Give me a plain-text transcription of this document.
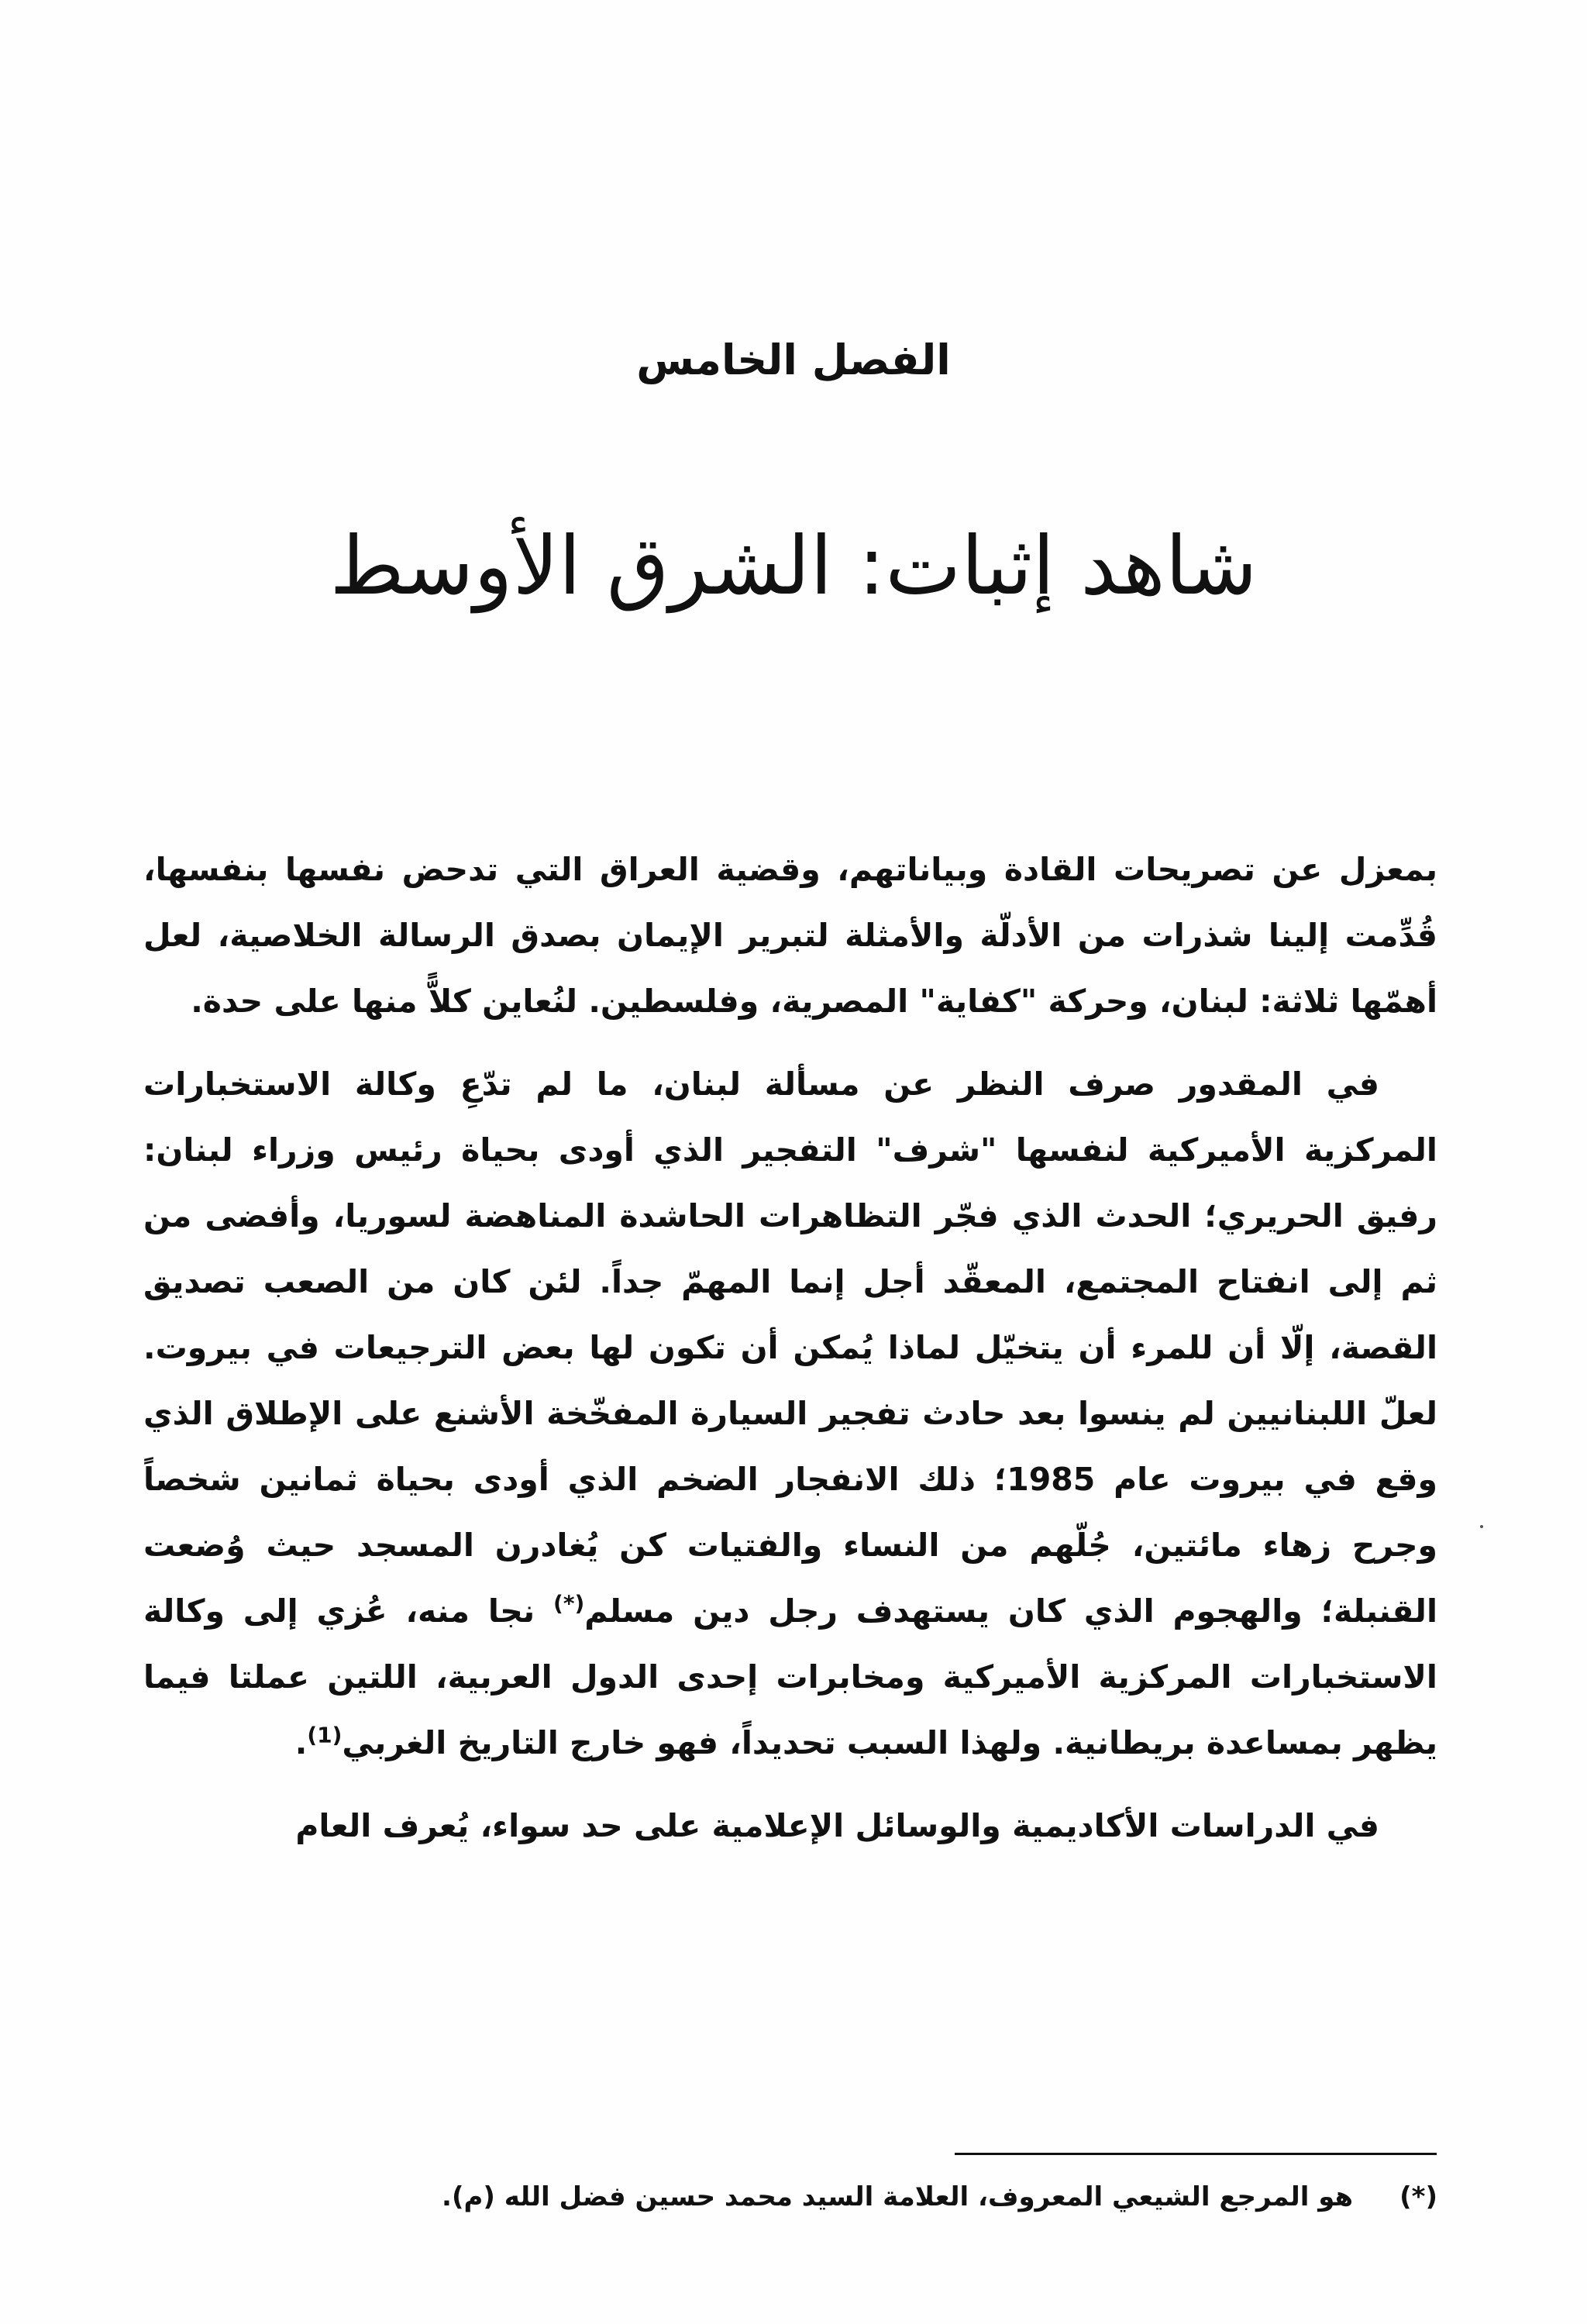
الفصل الخامس
شاهد إثبات: الشرق الأوسط

بمعزل عن تصريحات القادة وبياناتهم، وقضية العراق التي تدحض نفسها بنفسها، قُدِّمت إلينا شذرات من الأدلّة والأمثلة لتبرير الإيمان بصدق الرسالة الخلاصية، لعل أهمّها ثلاثة: لبنان، وحركة "كفاية" المصرية، وفلسطين. لنُعاين كلاًّ منها على حدة.

في المقدور صرف النظر عن مسألة لبنان، ما لم تدّعِ وكالة الاستخبارات المركزية الأميركية لنفسها "شرف" التفجير الذي أودى بحياة رئيس وزراء لبنان: رفيق الحريري؛ الحدث الذي فجّر التظاهرات الحاشدة المناهضة لسوريا، وأفضى من ثم إلى انفتاح المجتمع، المعقّد أجل إنما المهمّ جداً. لئن كان من الصعب تصديق القصة، إلّا أن للمرء أن يتخيّل لماذا يُمكن أن تكون لها بعض الترجيعات في بيروت. لعلّ اللبنانيين لم ينسوا بعد حادث تفجير السيارة المفخّخة الأشنع على الإطلاق الذي وقع في بيروت عام 1985؛ ذلك الانفجار الضخم الذي أودى بحياة ثمانين شخصاً وجرح زهاء مائتين، جُلّهم من النساء والفتيات كن يُغادرن المسجد حيث وُضعت القنبلة؛ والهجوم الذي كان يستهدف رجل دين مسلم(*) نجا منه، عُزي إلى وكالة الاستخبارات المركزية الأميركية ومخابرات إحدى الدول العربية، اللتين عملتا فيما يظهر بمساعدة بريطانية. ولهذا السبب تحديداً، فهو خارج التاريخ الغربي$^{(1)}$.

في الدراسات الأكاديمية والوسائل الإعلامية على حد سواء، يُعرف العام

(*)هو المرجع الشيعي المعروف، العلامة السيد محمد حسين فضل الله (م).
